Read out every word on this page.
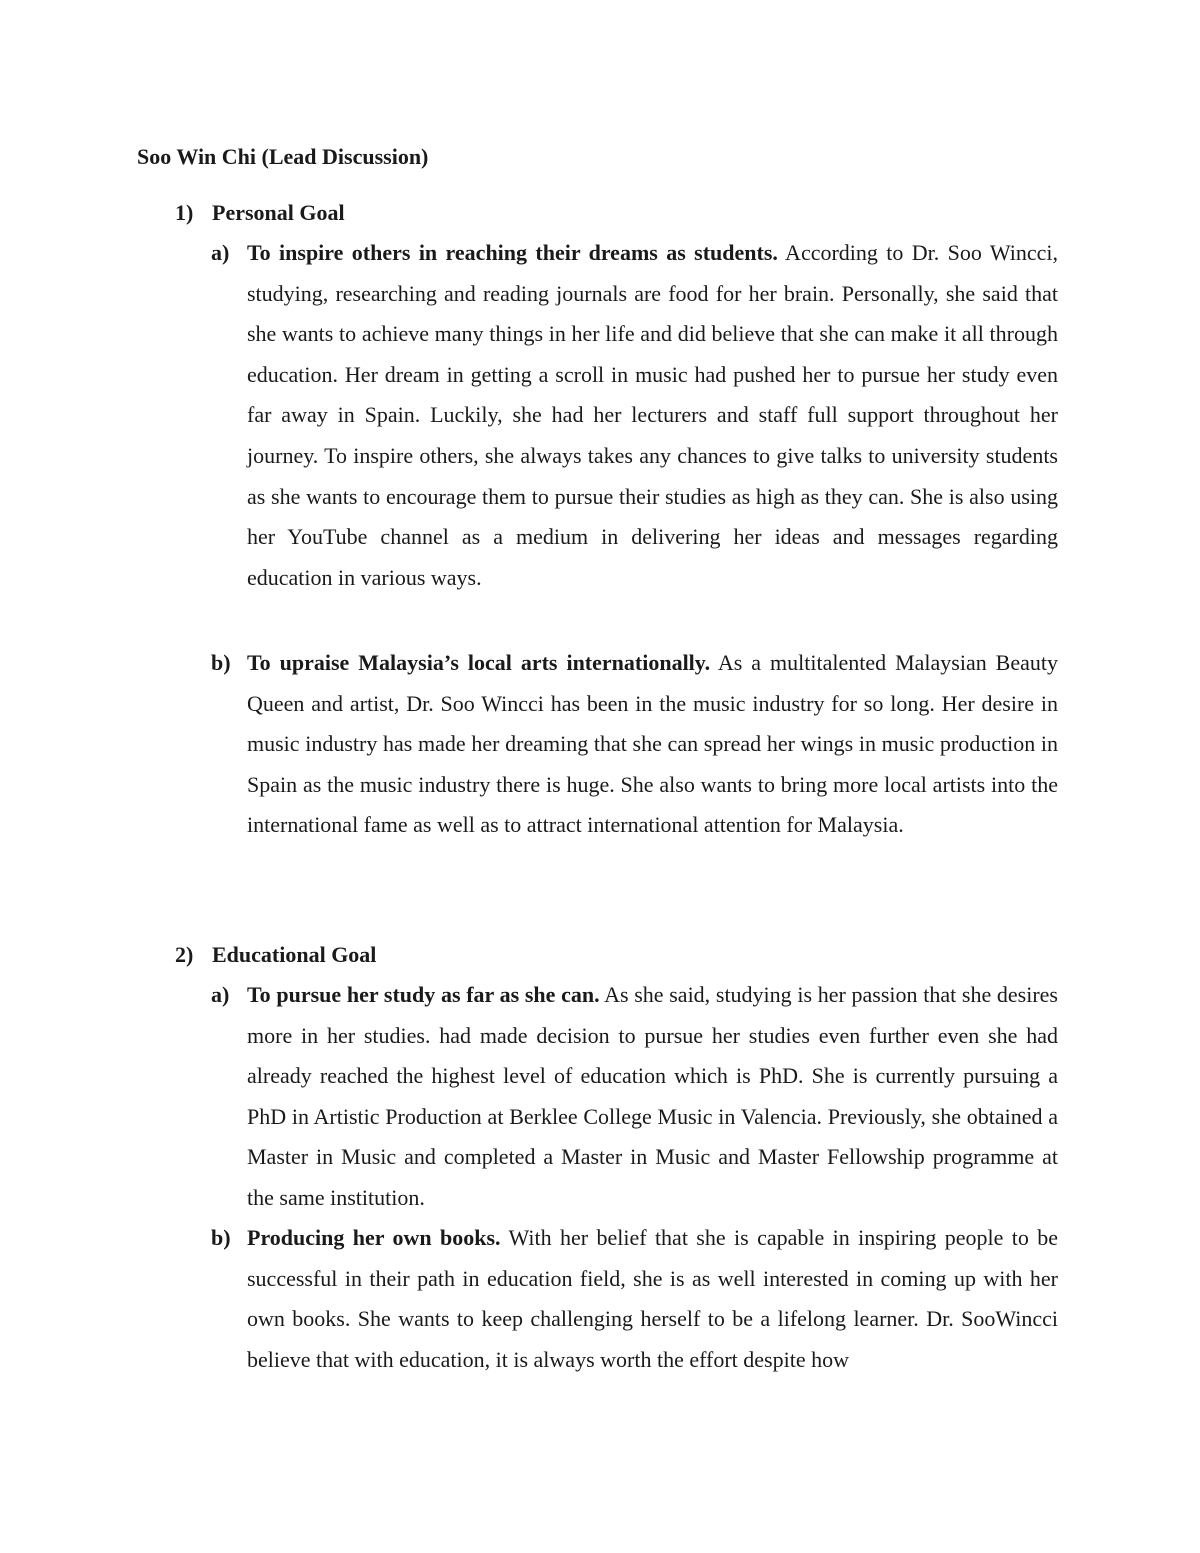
Soo Win Chi (Lead Discussion)
1) Personal Goal
a) To inspire others in reaching their dreams as students. According to Dr. Soo Wincci, studying, researching and reading journals are food for her brain. Personally, she said that she wants to achieve many things in her life and did believe that she can make it all through education. Her dream in getting a scroll in music had pushed her to pursue her study even far away in Spain. Luckily, she had her lecturers and staff full support throughout her journey. To inspire others, she always takes any chances to give talks to university students as she wants to encourage them to pursue their studies as high as they can. She is also using her YouTube channel as a medium in delivering her ideas and messages regarding education in various ways.

b) To upraise Malaysia’s local arts internationally. As a multitalented Malaysian Beauty Queen and artist, Dr. Soo Wincci has been in the music industry for so long. Her desire in music industry has made her dreaming that she can spread her wings in music production in Spain as the music industry there is huge. She also wants to bring more local artists into the international fame as well as to attract international attention for Malaysia.

2) Educational Goal
a) To pursue her study as far as she can. As she said, studying is her passion that she desires more in her studies. had made decision to pursue her studies even further even she had already reached the highest level of education which is PhD. She is currently pursuing a PhD in Artistic Production at Berklee College Music in Valencia. Previously, she obtained a Master in Music and completed a Master in Music and Master Fellowship programme at the same institution.

b) Producing her own books. With her belief that she is capable in inspiring people to be successful in their path in education field, she is as well interested in coming up with her own books. She wants to keep challenging herself to be a lifelong learner. Dr. SooWincci believe that with education, it is always worth the effort despite how
